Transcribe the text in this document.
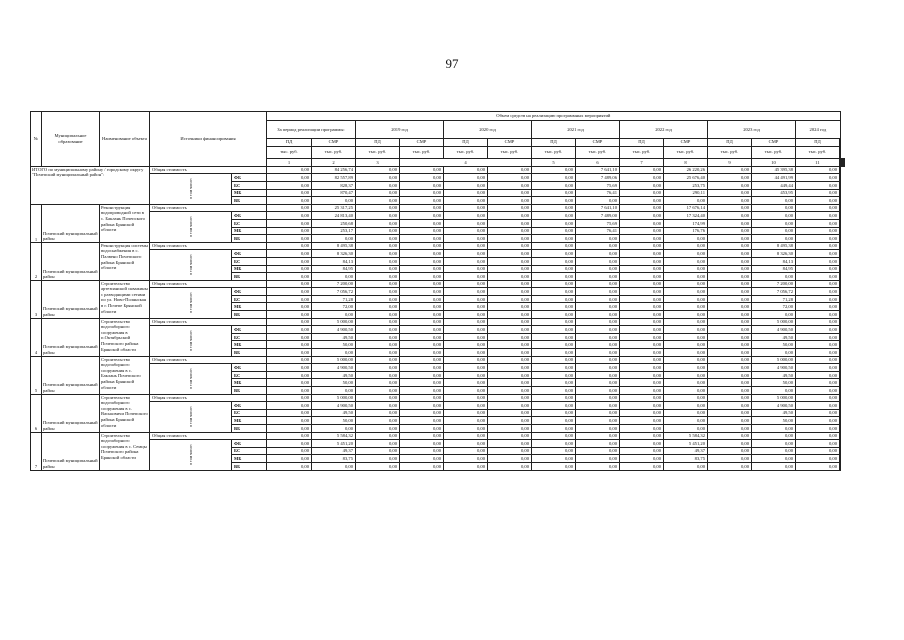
97
№	Муниципальное образование	Наименование объекта	Источники финансирования		Объем средств на реализацию программных мероприятий															
					За период реализации программы:		2019 год		2020 год		2021 год		2022 год		2023 год		2024 год			
					ПД	СМР	ПД	СМР	ПД	СМР	ПД	СМР	ПД	СМР	ПД	СМР	ПД	
					тыс. руб.	тыс. руб.	тыс. руб.	тыс. руб.	тыс. руб.	тыс. руб.	тыс. руб.	тыс. руб.	тыс. руб.	тыс. руб.	тыс. руб.	тыс. руб.	тыс. руб.	
					1	2	3	4			5	6	7	8	9	10	11							
ИТОГО по муниципальному району / городскому округу "Почепский муниципальный район":			Общая стоимость		0,00	84 256,74	0,00	0,00	0,00	0,00	0,00	7 641,10	0,00	26 220,26	0,00	45 395,38	0,00	
			в том числе:	ФБ	0,00	82 557,89	0,00	0,00	0,00	0,00	0,00	7 489,06	0,00	25 676,40	0,00	44 491,99	0,00	
				БС	0,00	828,37	0,00	0,00	0,00	0,00	0,00	75,69	0,00	253,75	0,00	449,44	0,00	
				МБ	0,00	870,47	0,00	0,00	0,00	0,00	0,00	76,41	0,00	290,11	0,00	453,95	0,00	
				ВБ	0,00	0,00	0,00	0,00	0,00	0,00	0,00	0,00	0,00	0,00	0,00	0,00	0,00	
1	Почепский муниципальный район	Реконструкция водопроводной сети в с. Баклань Почепского района Брянской области	Общая стоимость		0,00	25 317,25	0,00	0,00	0,00	0,00	0,00	7 641,10	0,00	17 676,14	0,00	0,00	0,00	
			в том числе:	ФБ	0,00	24 813,40	0,00	0,00	0,00	0,00	0,00	7 489,00	0,00	17 324,40	0,00	0,00	0,00	
				БС	0,00	250,68	0,00	0,00	0,00	0,00	0,00	75,69	0,00	174,99	0,00	0,00	0,00	
				МБ	0,00	253,17	0,00	0,00	0,00	0,00	0,00	76,41	0,00	176,76	0,00	0,00	0,00	
				ВБ	0,00	0,00	0,00	0,00	0,00	0,00	0,00	0,00	0,00	0,00	0,00	0,00	0,00	
2	Почепский муниципальный район	Реконструкция системы водоснабжения в с. Палвено Почепского района Брянской области	Общая стоимость		0,00	8 495,38	0,00	0,00	0,00	0,00	0,00	0,00	0,00	0,00	0,00	8 495,38	0,00	
			в том числе:	ФБ	0,00	8 326,30	0,00	0,00	0,00	0,00	0,00	0,00	0,00	0,00	0,00	8 326,30	0,00	
				БС	0,00	84,13	0,00	0,00	0,00	0,00	0,00	0,00	0,00	0,00	0,00	84,13	0,00	
				МБ	0,00	84,95	0,00	0,00	0,00	0,00	0,00	0,00	0,00	0,00	0,00	84,95	0,00	
				ВБ	0,00	0,00	0,00	0,00	0,00	0,00	0,00	0,00	0,00	0,00	0,00	0,00	0,00	
3	Почепский муниципальный район	Строительство артезианской скважины с разводящими сетями по ул. Ново-Полянская в г. Почепе Брянской области	Общая стоимость		0,00	7 200,00	0,00	0,00	0,00	0,00	0,00	0,00	0,00	0,00	0,00	7 200,00	0,00	
			в том числе:	ФБ	0,00	7 056,72	0,00	0,00	0,00	0,00	0,00	0,00	0,00	0,00	0,00	7 056,72	0,00	
				БС	0,00	71,28	0,00	0,00	0,00	0,00	0,00	0,00	0,00	0,00	0,00	71,28	0,00	
				МБ	0,00	72,00	0,00	0,00	0,00	0,00	0,00	0,00	0,00	0,00	0,00	72,00	0,00	
				ВБ	0,00	0,00	0,00	0,00	0,00	0,00	0,00	0,00	0,00	0,00	0,00	0,00	0,00	
4	Почепский муниципальный район	Строительство водозаборного сооружения в п.Октябрьский Почепского района Брянской области	Общая стоимость		0,00	5 000,00	0,00	0,00	0,00	0,00	0,00	0,00	0,00	0,00	0,00	5 000,00	0,00	
			в том числе:	ФБ	0,00	4 900,50	0,00	0,00	0,00	0,00	0,00	0,00	0,00	0,00	0,00	4 900,50	0,00	
				БС	0,00	49,50	0,00	0,00	0,00	0,00	0,00	0,00	0,00	0,00	0,00	49,50	0,00	
				МБ	0,00	50,00	0,00	0,00	0,00	0,00	0,00	0,00	0,00	0,00	0,00	50,00	0,00	
				ВБ	0,00	0,00	0,00	0,00	0,00	0,00	0,00	0,00	0,00	0,00	0,00	0,00	0,00	
5	Почепский муниципальный район	Строительство водозаборного сооружения в с. Баклань Почепского района Брянской области	Общая стоимость		0,00	5 000,00	0,00	0,00	0,00	0,00	0,00	0,00	0,00	0,00	0,00	5 000,00	0,00	
			в том числе:	ФБ	0,00	4 900,50	0,00	0,00	0,00	0,00	0,00	0,00	0,00	0,00	0,00	4 900,50	0,00	
				БС	0,00	49,50	0,00	0,00	0,00	0,00	0,00	0,00	0,00	0,00	0,00	49,50	0,00	
				МБ	0,00	50,00	0,00	0,00	0,00	0,00	0,00	0,00	0,00	0,00	0,00	50,00	0,00	
				ВБ	0,00	0,00	0,00	0,00	0,00	0,00	0,00	0,00	0,00	0,00	0,00	0,00	0,00	
6	Почепский муниципальный район	Строительство водозаборного сооружения в с. Васьковичи Почепского района Брянской области	Общая стоимость		0,00	5 000,00	0,00	0,00	0,00	0,00	0,00	0,00	0,00	0,00	0,00	5 000,00	0,00	
			в том числе:	ФБ	0,00	4 900,50	0,00	0,00	0,00	0,00	0,00	0,00	0,00	0,00	0,00	4 900,50	0,00	
				БС	0,00	49,50	0,00	0,00	0,00	0,00	0,00	0,00	0,00	0,00	0,00	49,50	0,00	
				МБ	0,00	50,00	0,00	0,00	0,00	0,00	0,00	0,00	0,00	0,00	0,00	50,00	0,00	
				ВБ	0,00	0,00	0,00	0,00	0,00	0,00	0,00	0,00	0,00	0,00	0,00	0,00	0,00	
7	Почепский муниципальный район	Строительство водозаборного сооружения в с. Семцы Почепского района Брянской области	Общая стоимость		0,00	5 584,32	0,00	0,00	0,00	0,00	0,00	0,00	0,00	5 584,32	0,00	0,00	0,00	
			в том числе:	ФБ	0,00	5 451,20	0,00	0,00	0,00	0,00	0,00	0,00	0,00	5 451,20	0,00	0,00	0,00	
				БС	0,00	49,37	0,00	0,00	0,00	0,00	0,00	0,00	0,00	49,37	0,00	0,00	0,00	
				МБ	0,00	83,75	0,00	0,00	0,00	0,00	0,00	0,00	0,00	83,75	0,00	0,00	0,00	
				ВБ	0,00	0,00	0,00	0,00	0,00	0,00	0,00	0,00	0,00	0,00	0,00	0,00	0,00	
